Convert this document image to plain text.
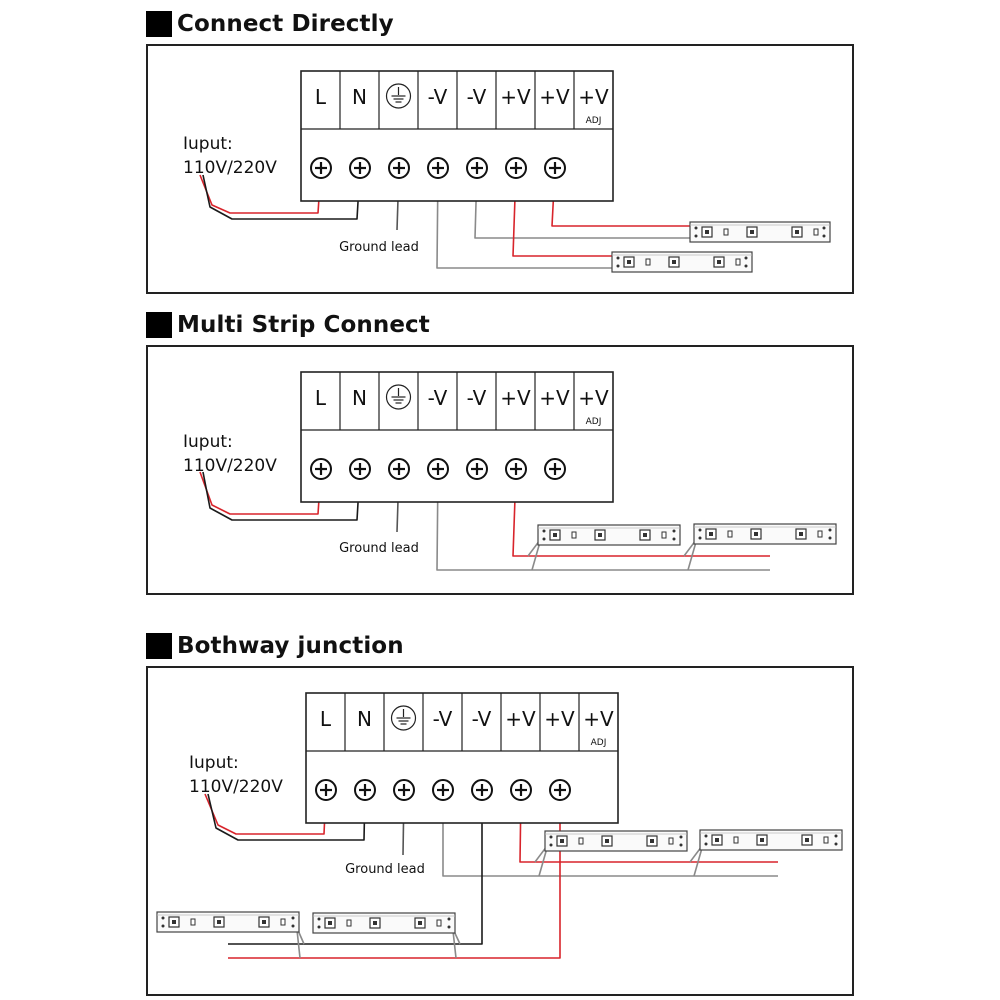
Connect Directly
Multi Strip Connect
Bothway junction
L N	-V -V +V +V +V
ADJ
L N	-V -V +V +V +V
ADJ
L N	-V -V +V +V +V
ADJ
Iuput:
110V/220V
Ground lead
Iuput:
110V/220V
Ground lead
Iuput:
110V/220V
Ground lead
